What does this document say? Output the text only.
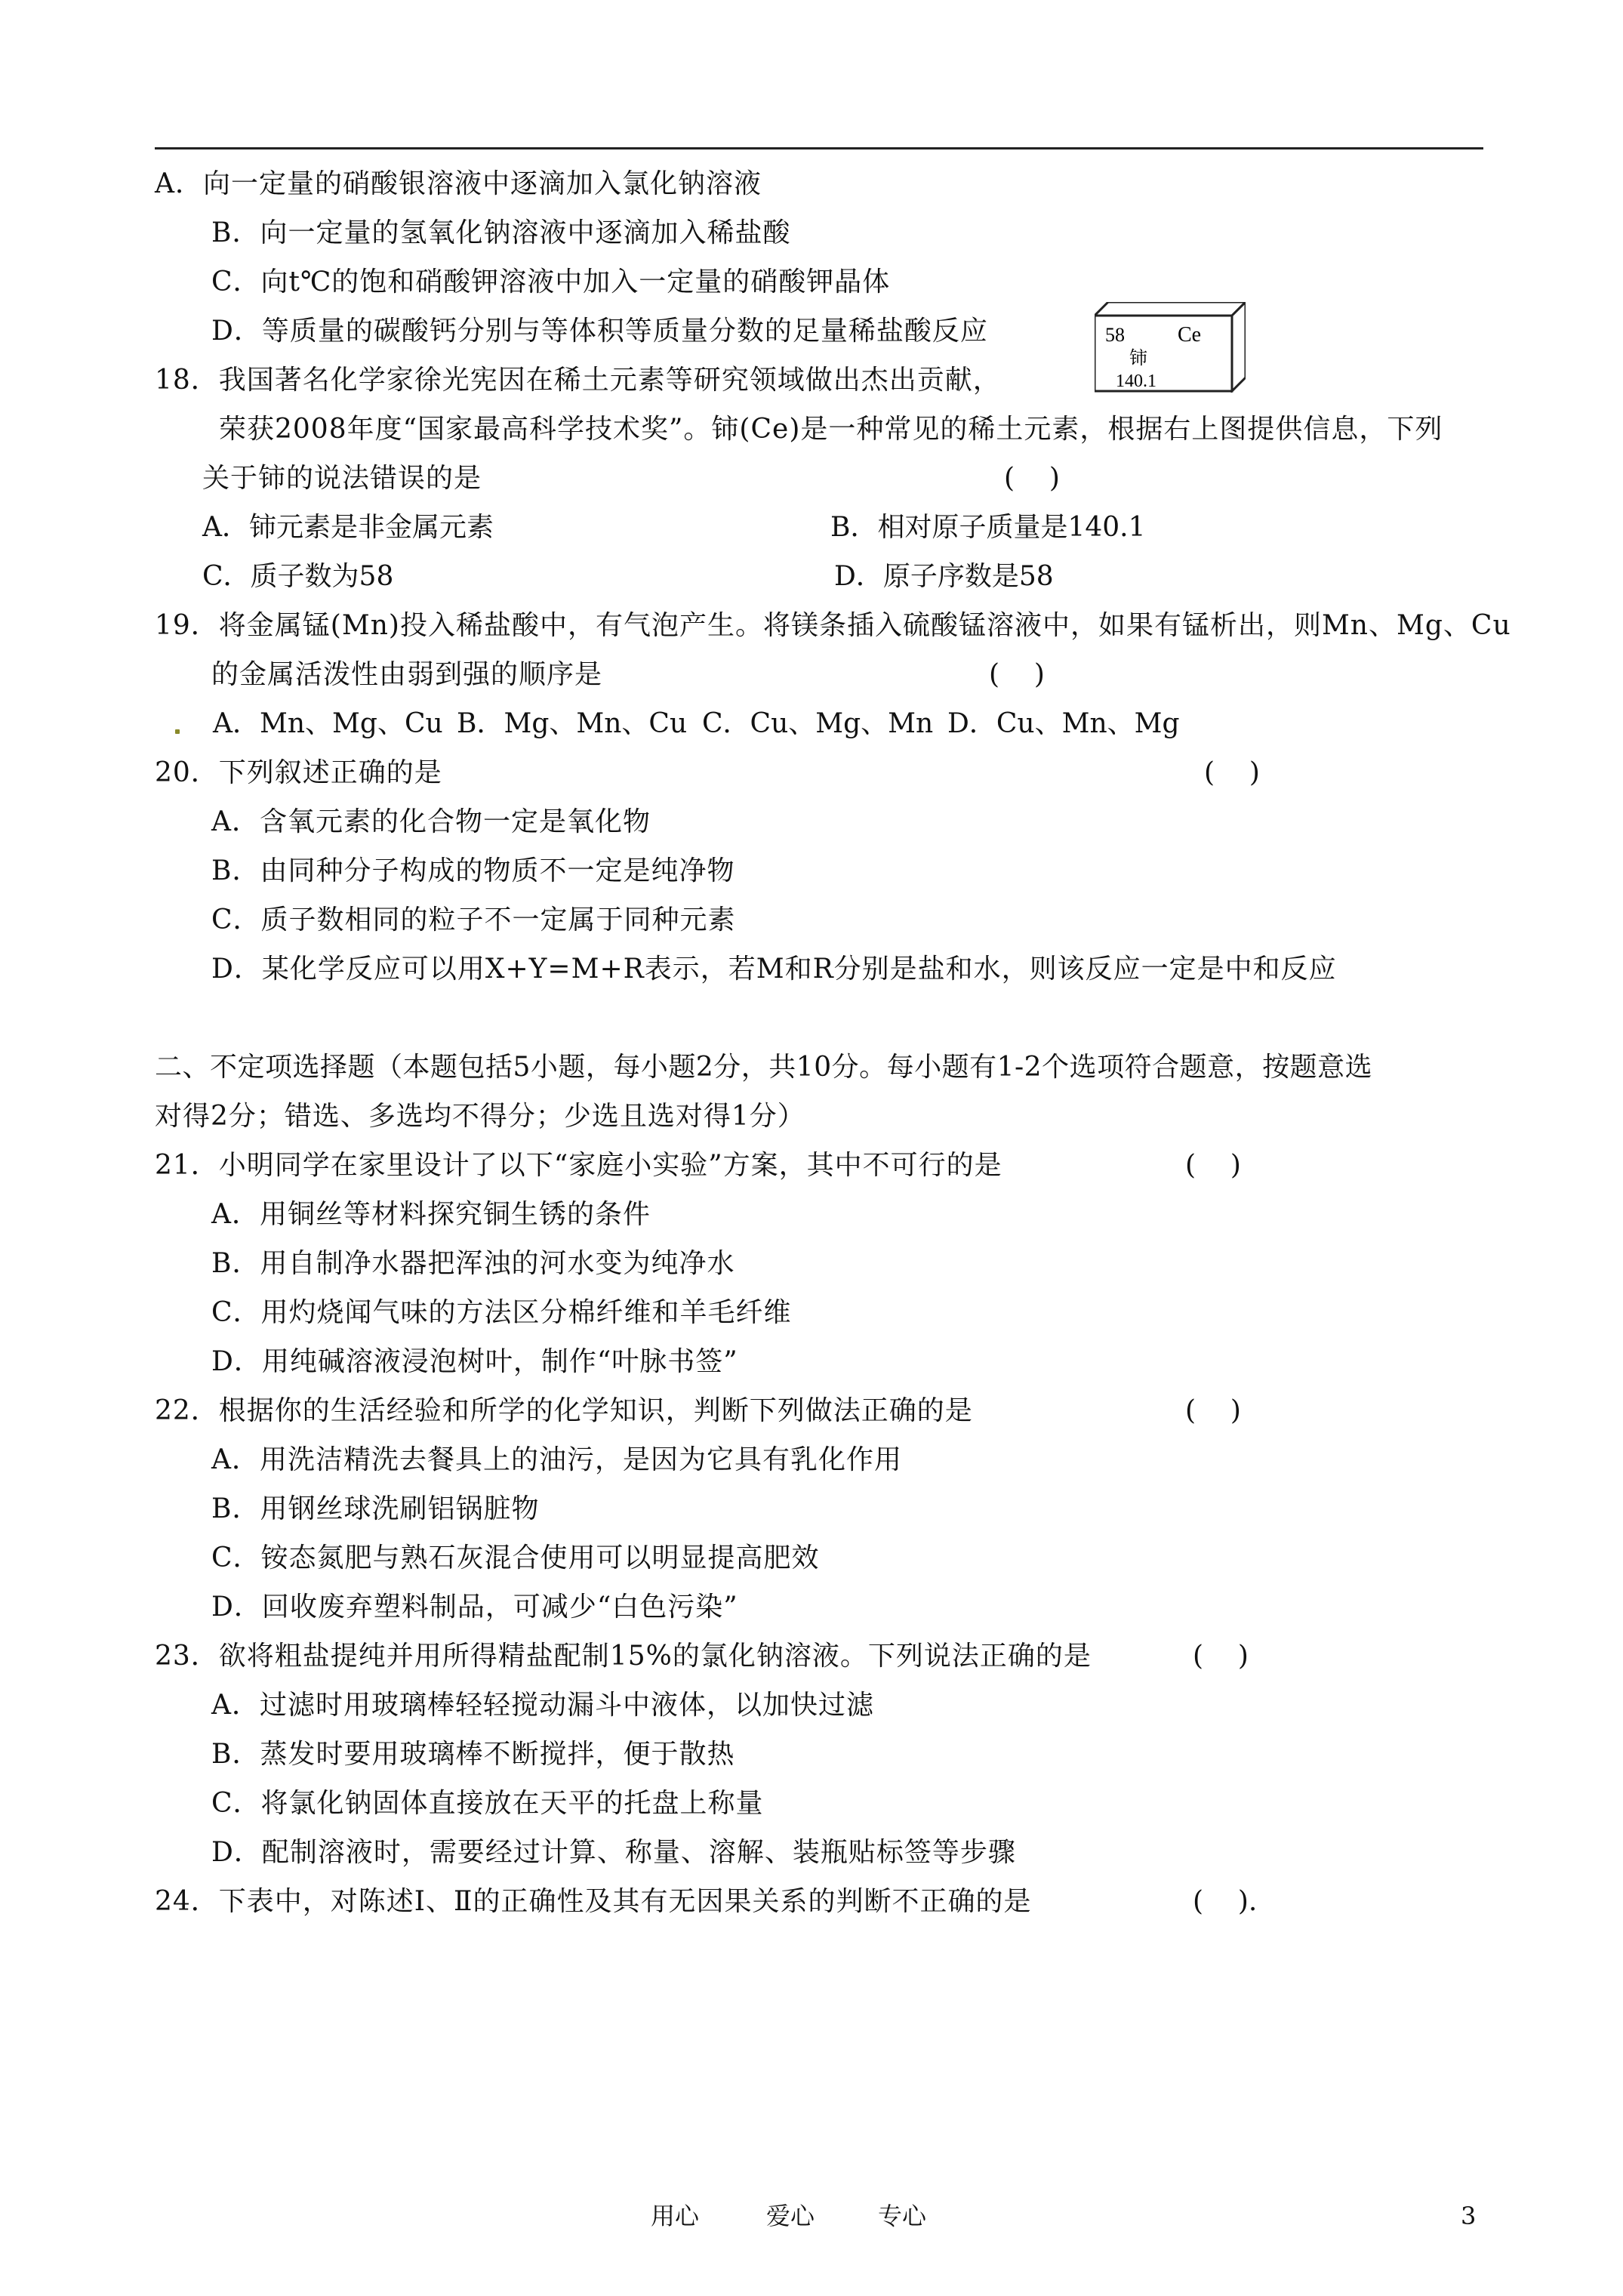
A．向一定量的硝酸银溶液中逐滴加入氯化钠溶液
B．向一定量的氢氧化钠溶液中逐滴加入稀盐酸
C．向t℃的饱和硝酸钾溶液中加入一定量的硝酸钾晶体
D．等质量的碳酸钙分别与等体积等质量分数的足量稀盐酸反应	58	Ce
铈
140.1
18．我国著名化学家徐光宪因在稀土元素等研究领域做出杰出贡献，
荣获2008年度“国家最高科学技术奖”。铈(Ce)是一种常见的稀土元素，根据右上图提供信息，下列
关于铈的说法错误的是	(    )
A．铈元素是非金属元素	B．相对原子质量是140.1
C．质子数为58	D．原子序数是58
19．将金属锰(Mn)投入稀盐酸中，有气泡产生。将镁条插入硫酸锰溶液中，如果有锰析出，则Mn、Mg、Cu
的金属活泼性由弱到强的顺序是	(    )
A．Mn、Mg、Cu B．Mg、Mn、Cu C．Cu、Mg、Mn D．Cu、Mn、Mg
20．下列叙述正确的是	(    )
A．含氧元素的化合物一定是氧化物
B．由同种分子构成的物质不一定是纯净物
C．质子数相同的粒子不一定属于同种元素
D．某化学反应可以用X+Y=M+R表示，若M和R分别是盐和水，则该反应一定是中和反应
二、不定项选择题（本题包括5小题，每小题2分，共10分。每小题有1-2个选项符合题意，按题意选
对得2分；错选、多选均不得分；少选且选对得1分）
21．小明同学在家里设计了以下“家庭小实验”方案，其中不可行的是	(    )
A．用铜丝等材料探究铜生锈的条件
B．用自制净水器把浑浊的河水变为纯净水
C．用灼烧闻气味的方法区分棉纤维和羊毛纤维
D．用纯碱溶液浸泡树叶，制作“叶脉书签”
22．根据你的生活经验和所学的化学知识，判断下列做法正确的是	(    )
A．用洗洁精洗去餐具上的油污，是因为它具有乳化作用
B．用钢丝球洗刷铝锅脏物
C．铵态氮肥与熟石灰混合使用可以明显提高肥效
D．回收废弃塑料制品，可减少“白色污染”
23．欲将粗盐提纯并用所得精盐配制15%的氯化钠溶液。下列说法正确的是	(    )
A．过滤时用玻璃棒轻轻搅动漏斗中液体，以加快过滤
B．蒸发时要用玻璃棒不断搅拌，便于散热
C．将氯化钠固体直接放在天平的托盘上称量
D．配制溶液时，需要经过计算、称量、溶解、装瓶贴标签等步骤
24．下表中，对陈述Ⅰ、Ⅱ的正确性及其有无因果关系的判断不正确的是	(    ).
用心	爱心	专心	3
